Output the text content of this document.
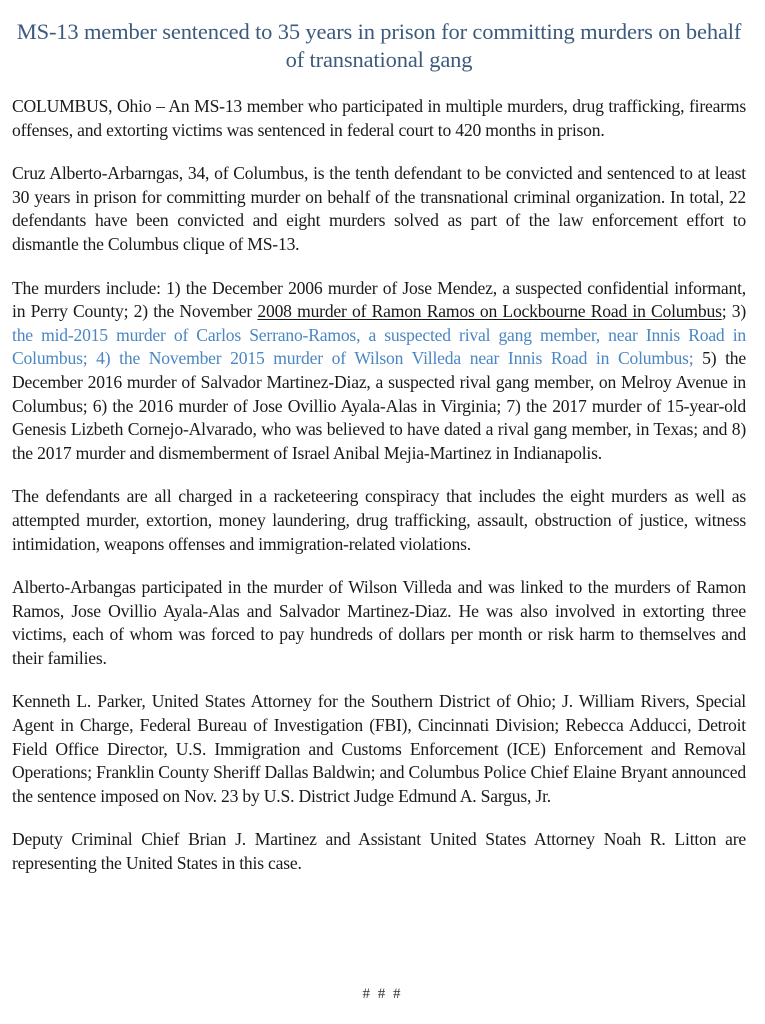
MS-13 member sentenced to 35 years in prison for committing murders on behalf of transnational gang

COLUMBUS, Ohio – An MS-13 member who participated in multiple murders, drug trafficking, firearms offenses, and extorting victims was sentenced in federal court to 420 months in prison.

Cruz Alberto-Arbarngas, 34, of Columbus, is the tenth defendant to be convicted and sentenced to at least 30 years in prison for committing murder on behalf of the transnational criminal organization. In total, 22 defendants have been convicted and eight murders solved as part of the law enforcement effort to dismantle the Columbus clique of MS-13.

The murders include: 1) the December 2006 murder of Jose Mendez, a suspected confidential informant, in Perry County; 2) the November 2008 murder of Ramon Ramos on Lockbourne Road in Columbus; 3) the mid-2015 murder of Carlos Serrano-Ramos, a suspected rival gang member, near Innis Road in Columbus; 4) the November 2015 murder of Wilson Villeda near Innis Road in Columbus; 5) the December 2016 murder of Salvador Martinez-Diaz, a suspected rival gang member, on Melroy Avenue in Columbus; 6) the 2016 murder of Jose Ovillio Ayala-Alas in Virginia; 7) the 2017 murder of 15-year-old Genesis Lizbeth Cornejo-Alvarado, who was believed to have dated a rival gang member, in Texas; and 8) the 2017 murder and dismemberment of Israel Anibal Mejia-Martinez in Indianapolis.

The defendants are all charged in a racketeering conspiracy that includes the eight murders as well as attempted murder, extortion, money laundering, drug trafficking, assault, obstruction of justice, witness intimidation, weapons offenses and immigration-related violations.

Alberto-Arbangas participated in the murder of Wilson Villeda and was linked to the murders of Ramon Ramos, Jose Ovillio Ayala-Alas and Salvador Martinez-Diaz. He was also involved in extorting three victims, each of whom was forced to pay hundreds of dollars per month or risk harm to themselves and their families.

Kenneth L. Parker, United States Attorney for the Southern District of Ohio; J. William Rivers, Special Agent in Charge, Federal Bureau of Investigation (FBI), Cincinnati Division; Rebecca Adducci, Detroit Field Office Director, U.S. Immigration and Customs Enforcement (ICE) Enforcement and Removal Operations; Franklin County Sheriff Dallas Baldwin; and Columbus Police Chief Elaine Bryant announced the sentence imposed on Nov. 23 by U.S. District Judge Edmund A. Sargus, Jr.

Deputy Criminal Chief Brian J. Martinez and Assistant United States Attorney Noah R. Litton are representing the United States in this case.

# # #
